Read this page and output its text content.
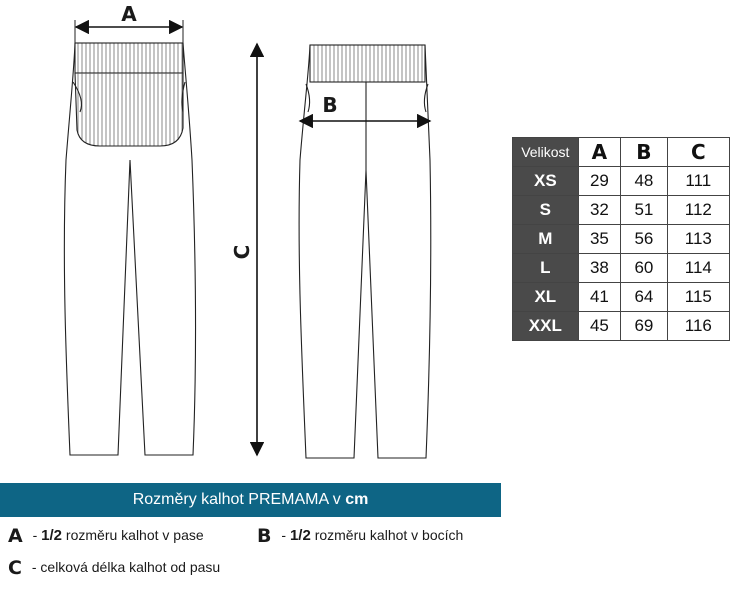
A
C
B
Velikost	A	B	C
XS	29	48	111
S	32	51	112
M	35	56	113
L	38	60	114
XL	41	64	115
XXL	45	69	116
Rozměry kalhot PREMAMA v cm
A - 1/2 rozměru kalhot v pase	B - 1/2 rozměru kalhot v bocích
C - celková délka kalhot od pasu
